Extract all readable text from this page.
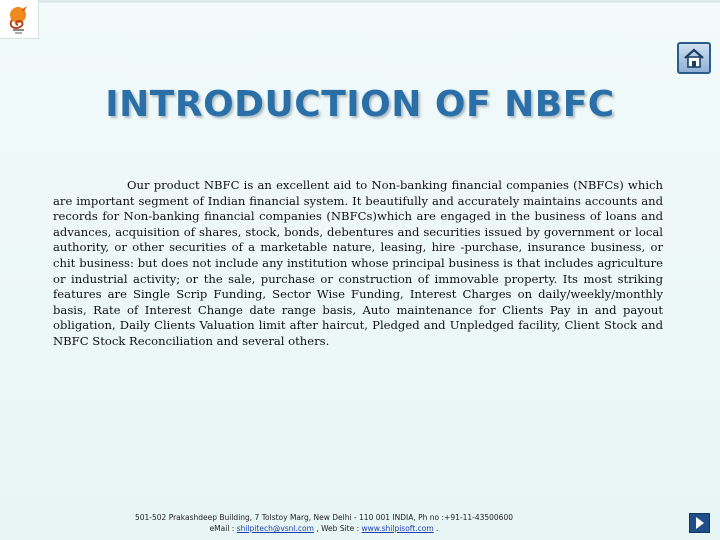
INTRODUCTION OF NBFC
Our product NBFC is an excellent aid to Non-banking financial companies (NBFCs) which are important segment of Indian financial system. It beautifully and accurately maintains accounts and records for Non-banking financial companies (NBFCs)which are engaged in the business of loans and advances, acquisition of shares, stock, bonds, debentures and securities issued by government or local authority, or other securities of a marketable nature, leasing, hire -purchase, insurance business, or chit business: but does not include any institution whose principal business is that includes agriculture or industrial activity; or the sale, purchase or construction of immovable property. Its most striking features are Single Scrip Funding, Sector Wise Funding, Interest Charges on daily/weekly/monthly basis, Rate of Interest Change date range basis, Auto maintenance for Clients Pay in and payout obligation, Daily Clients Valuation limit after haircut, Pledged and Unpledged facility, Client Stock and NBFC Stock Reconciliation and several others.
501-502 Prakashdeep Building, 7 Tolstoy Marg, New Delhi - 110 001 INDIA, Ph no :+91-11-43500600
eMail : shilpitech@vsnl.com , Web Site : www.shilpisoft.com .
